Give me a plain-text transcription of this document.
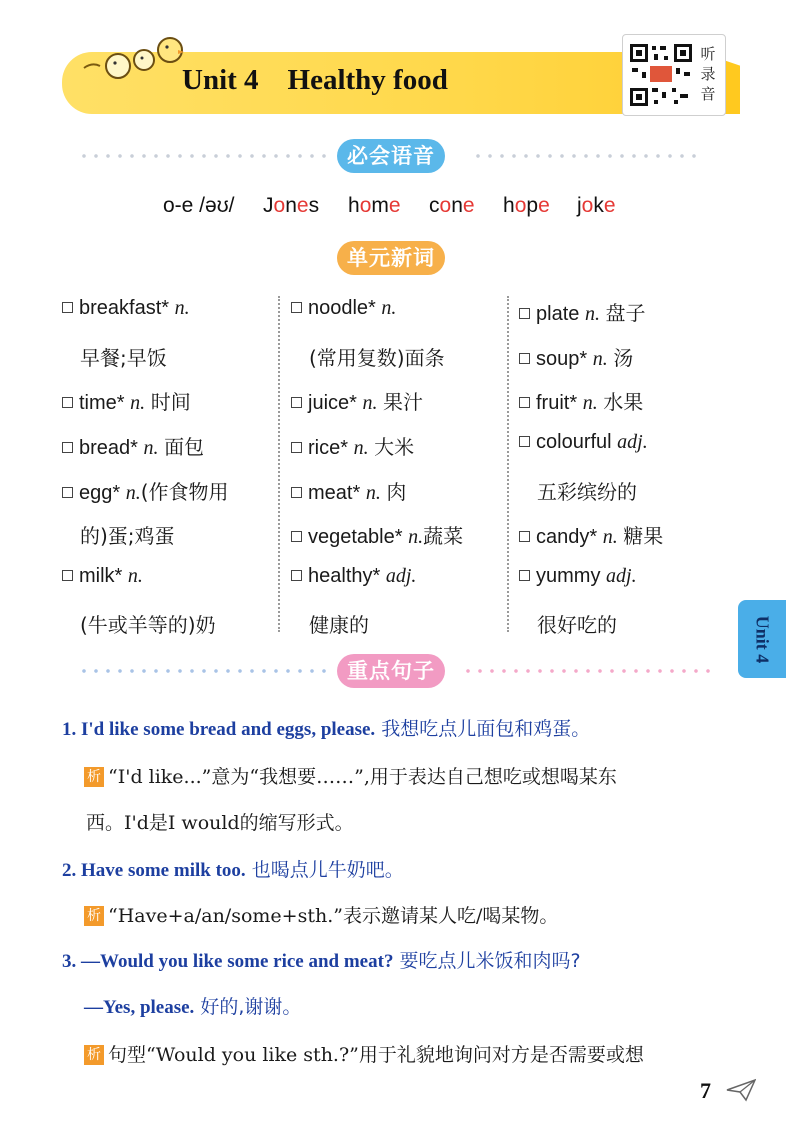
Unit 4    Healthy food
听
录
音
必会语音
o-e /əʊ/ Jones home cone hope joke
单元新词
breakfast* n.
早餐;早饭
time* n. 时间
bread* n. 面包
egg* n.(作食物用
的)蛋;鸡蛋
milk* n.
(牛或羊等的)奶
noodle* n.
(常用复数)面条
juice* n. 果汁
rice* n. 大米
meat* n. 肉
vegetable* n.蔬菜
healthy* adj.
健康的
plate n. 盘子
soup* n. 汤
fruit* n. 水果
colourful adj.
五彩缤纷的
candy* n. 糖果
yummy adj.
很好吃的
重点句子
Unit 4
1. I'd like some bread and eggs, please. 我想吃点儿面包和鸡蛋。
析 “I'd like...”意为“我想要……”,用于表达自己想吃或想喝某东
西。I'd是I would的缩写形式。
2. Have some milk too. 也喝点儿牛奶吧。
析 “Have+a/an/some+sth.”表示邀请某人吃/喝某物。
3. —Would you like some rice and meat? 要吃点儿米饭和肉吗?
—Yes, please. 好的,谢谢。
析 句型“Would you like sth.?”用于礼貌地询问对方是否需要或想
7
